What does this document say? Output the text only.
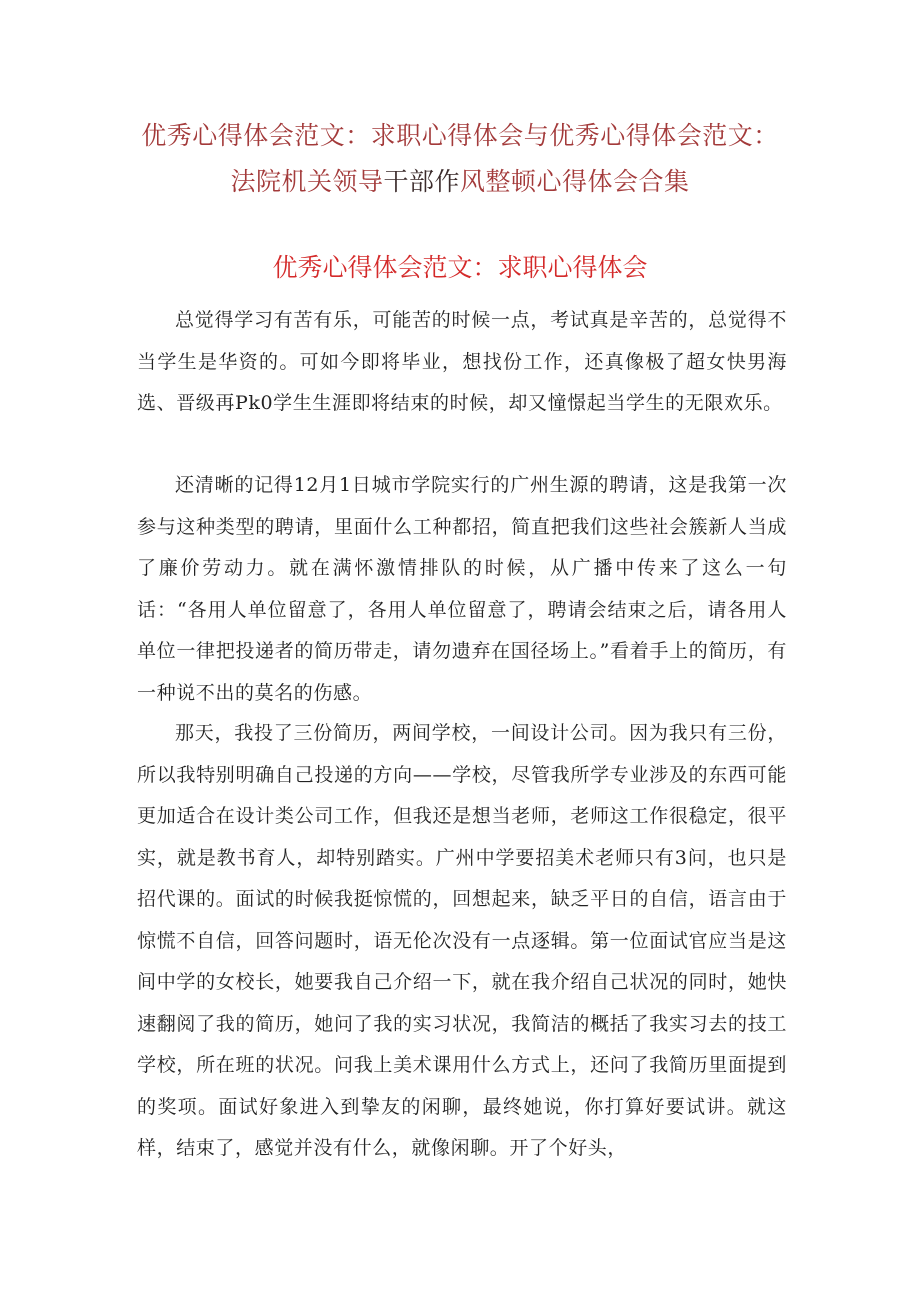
优秀心得体会范文：求职心得体会与优秀心得体会范文：
法院机关领导干部作风整顿心得体会合集
优秀心得体会范文：求职心得体会

总觉得学习有苦有乐，可能苦的时候一点，考试真是辛苦的，总觉得不当学生是华资的。可如今即将毕业，想找份工作，还真像极了超女快男海选、晋级再Pk0学生生涯即将结束的时候，却又憧憬起当学生的无限欢乐。

还清晰的记得12月1日城市学院实行的广州生源的聘请，这是我第一次参与这种类型的聘请，里面什么工种都招，简直把我们这些社会簇新人当成了廉价劳动力。就在满怀激情排队的时候，从广播中传来了这么一句话：“各用人单位留意了，各用人单位留意了，聘请会结束之后，请各用人单位一律把投递者的简历带走，请勿遗弃在国径场上。”看着手上的简历，有一种说不出的莫名的伤感。

那天，我投了三份简历，两间学校，一间设计公司。因为我只有三份，所以我特别明确自己投递的方向——学校，尽管我所学专业涉及的东西可能更加适合在设计类公司工作，但我还是想当老师，老师这工作很稳定，很平实，就是教书育人，却特别踏实。广州中学要招美术老师只有3问，也只是招代课的。面试的时候我挺惊慌的，回想起来，缺乏平日的自信，语言由于惊慌不自信，回答问题时，语无伦次没有一点逐辑。第一位面试官应当是这间中学的女校长，她要我自己介绍一下，就在我介绍自己状况的同时，她快速翻阅了我的简历，她问了我的实习状况，我简洁的概括了我实习去的技工学校，所在班的状况。问我上美术课用什么方式上，还问了我简历里面提到的奖项。面试好象进入到挚友的闲聊，最终她说，你打算好要试讲。就这样，结束了，感觉并没有什么，就像闲聊。开了个好头，
